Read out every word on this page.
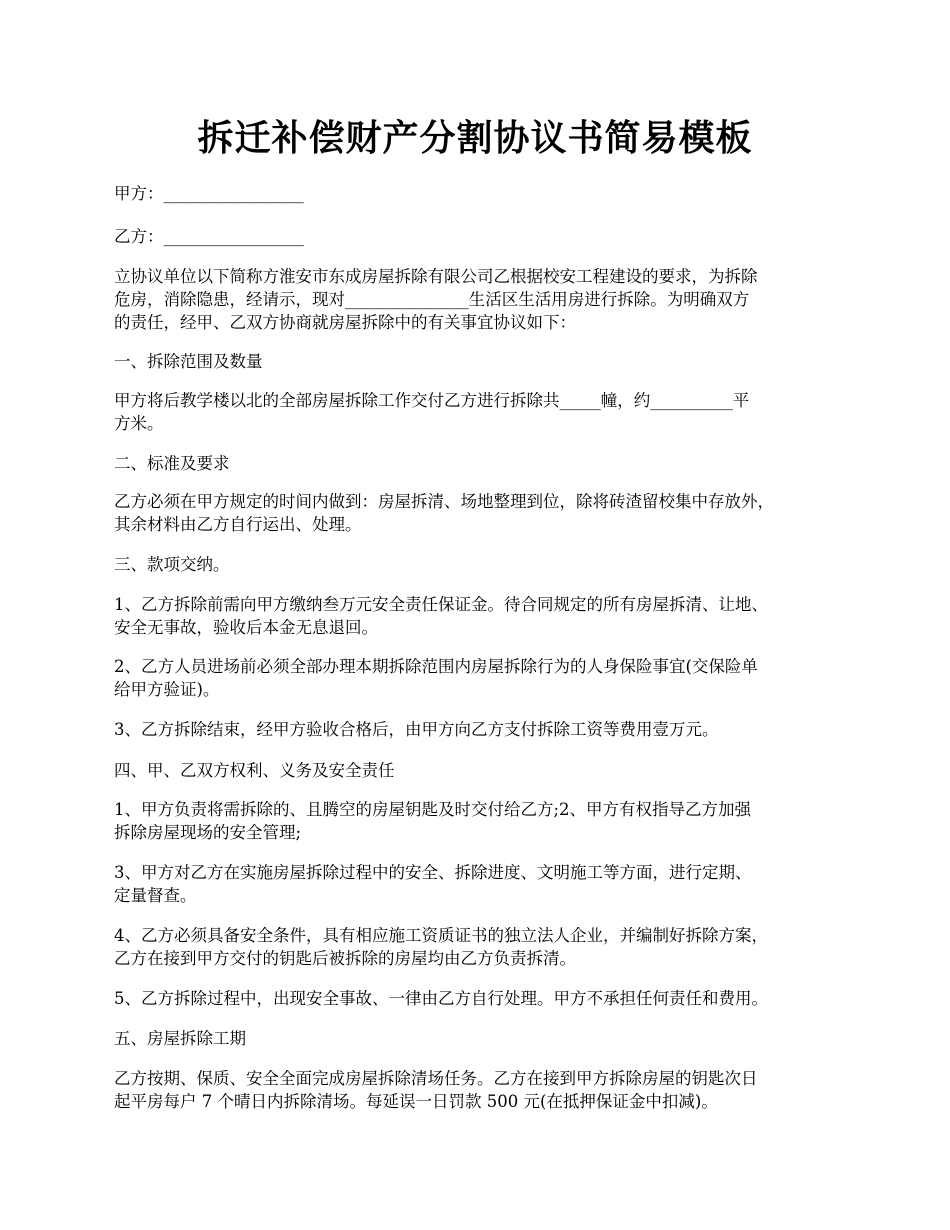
拆迁补偿财产分割协议书简易模板
甲方：_________________
乙方：_________________
立协议单位以下简称方淮安市东成房屋拆除有限公司乙根据校安工程建设的要求，为拆除
危房，消除隐患，经请示，现对_______________生活区生活用房进行拆除。为明确双方
的责任，经甲、乙双方协商就房屋拆除中的有关事宜协议如下：
一、拆除范围及数量
甲方将后教学楼以北的全部房屋拆除工作交付乙方进行拆除共_____幢，约__________平
方米。
二、标准及要求
乙方必须在甲方规定的时间内做到：房屋拆清、场地整理到位，除将砖渣留校集中存放外，
其余材料由乙方自行运出、处理。
三、款项交纳。
1、乙方拆除前需向甲方缴纳叁万元安全责任保证金。待合同规定的所有房屋拆清、让地、
安全无事故，验收后本金无息退回。
2、乙方人员进场前必须全部办理本期拆除范围内房屋拆除行为的人身保险事宜(交保险单
给甲方验证)。
3、乙方拆除结束，经甲方验收合格后，由甲方向乙方支付拆除工资等费用壹万元。
四、甲、乙双方权利、义务及安全责任
1、甲方负责将需拆除的、且腾空的房屋钥匙及时交付给乙方;2、甲方有权指导乙方加强
拆除房屋现场的安全管理;
3、甲方对乙方在实施房屋拆除过程中的安全、拆除进度、文明施工等方面，进行定期、
定量督查。
4、乙方必须具备安全条件，具有相应施工资质证书的独立法人企业，并编制好拆除方案，
乙方在接到甲方交付的钥匙后被拆除的房屋均由乙方负责拆清。
5、乙方拆除过程中，出现安全事故、一律由乙方自行处理。甲方不承担任何责任和费用。
五、房屋拆除工期
乙方按期、保质、安全全面完成房屋拆除清场任务。乙方在接到甲方拆除房屋的钥匙次日
起平房每户 7 个晴日内拆除清场。每延误一日罚款 500 元(在抵押保证金中扣减)。
